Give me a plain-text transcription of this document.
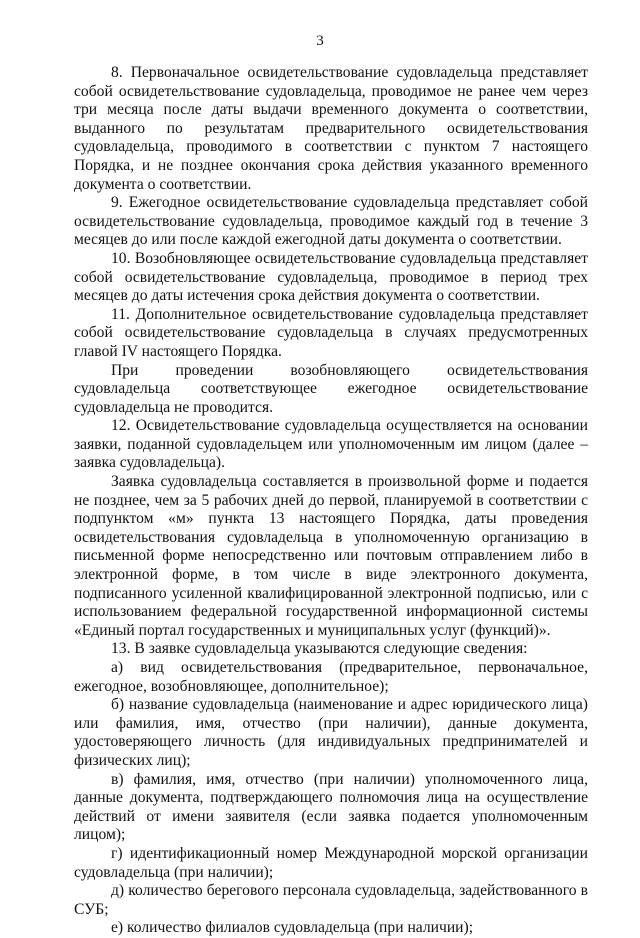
3

8. Первоначальное освидетельствование судовладельца представляет собой освидетельствование судовладельца, проводимое не ранее чем через три месяца после даты выдачи временного документа о соответствии, выданного по результатам предварительного освидетельствования судовладельца, проводимого в соответствии с пунктом 7 настоящего Порядка, и не позднее окончания срока действия указанного временного документа о соответствии.

9. Ежегодное освидетельствование судовладельца представляет собой освидетельствование судовладельца, проводимое каждый год в течение 3 месяцев до или после каждой ежегодной даты документа о соответствии.

10. Возобновляющее освидетельствование судовладельца представляет собой освидетельствование судовладельца, проводимое в период трех месяцев до даты истечения срока действия документа о соответствии.

11. Дополнительное освидетельствование судовладельца представляет собой освидетельствование судовладельца в случаях предусмотренных главой IV настоящего Порядка.

При проведении возобновляющего освидетельствования судовладельца соответствующее ежегодное освидетельствование судовладельца не проводится.

12. Освидетельствование судовладельца осуществляется на основании заявки, поданной судовладельцем или уполномоченным им лицом (далее – заявка судовладельца).

Заявка судовладельца составляется в произвольной форме и подается не позднее, чем за 5 рабочих дней до первой, планируемой в соответствии с подпунктом «м» пункта 13 настоящего Порядка, даты проведения освидетельствования судовладельца в уполномоченную организацию в письменной форме непосредственно или почтовым отправлением либо в электронной форме, в том числе в виде электронного документа, подписанного усиленной квалифицированной электронной подписью, или с использованием федеральной государственной информационной системы «Единый портал государственных и муниципальных услуг (функций)».

13. В заявке судовладельца указываются следующие сведения:

а) вид освидетельствования (предварительное, первоначальное, ежегодное, возобновляющее, дополнительное);

б) название судовладельца (наименование и адрес юридического лица) или фамилия, имя, отчество (при наличии), данные документа, удостоверяющего личность (для индивидуальных предпринимателей и физических лиц);

в) фамилия, имя, отчество (при наличии) уполномоченного лица, данные документа, подтверждающего полномочия лица на осуществление действий от имени заявителя (если заявка подается уполномоченным лицом);

г) идентификационный номер Международной морской организации судовладельца (при наличии);

д) количество берегового персонала судовладельца, задействованного в СУБ;

е) количество филиалов судовладельца (при наличии);
